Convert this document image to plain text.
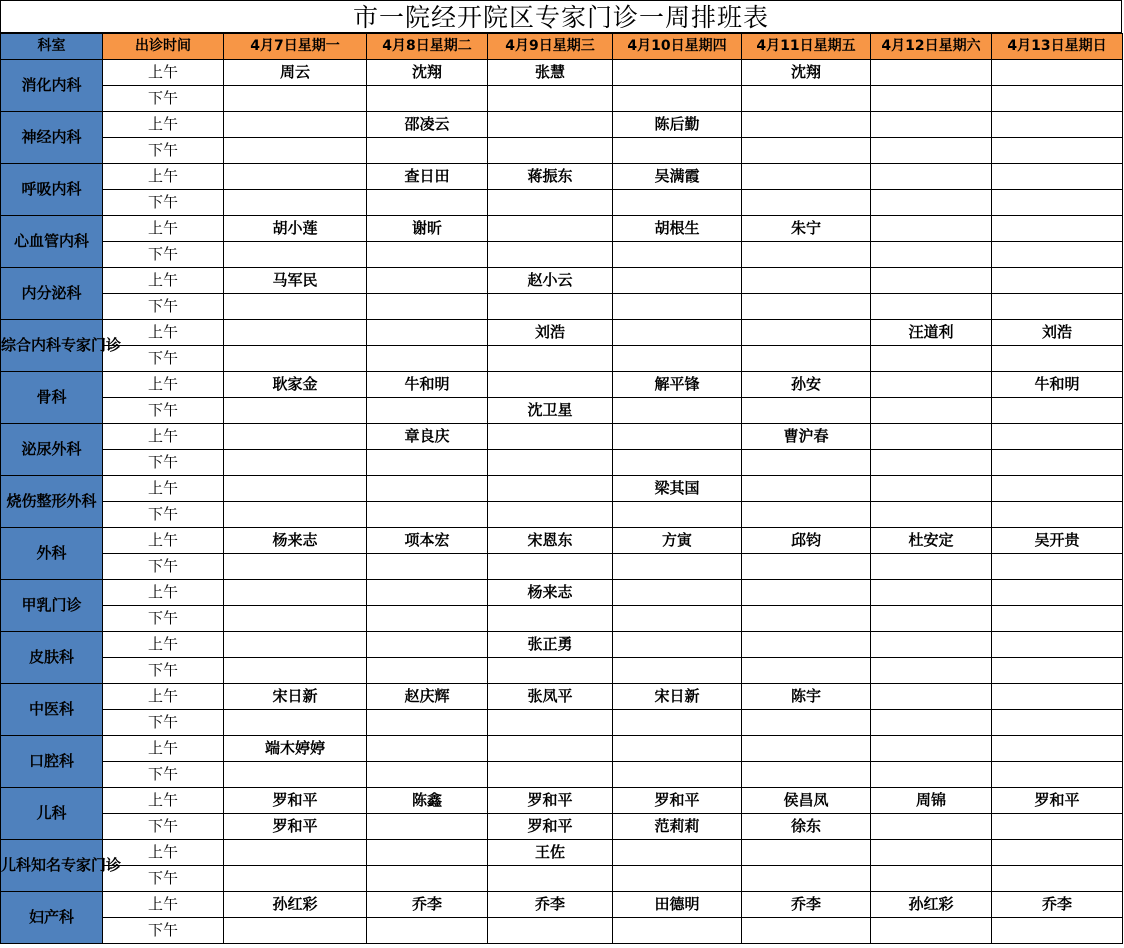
市一院经开院区专家门诊一周排班表
科室	出诊时间	4月7日星期一	4月8日星期二	4月9日星期三	4月10日星期四	4月11日星期五	4月12日星期六	4月13日星期日
消化内科	上午	周云	沈翔	张慧		沈翔		
	下午							
神经内科	上午		邵凌云		陈后勤			
	下午							
呼吸内科	上午		查日田	蒋振东	吴满霞			
	下午							
心血管内科	上午	胡小莲	谢昕		胡根生	朱宁		
	下午							
内分泌科	上午	马军民		赵小云				
	下午							
综合内科专家门诊	上午			刘浩			汪道利	刘浩
	下午							
骨科	上午	耿家金	牛和明		解平锋	孙安		牛和明
	下午			沈卫星				
泌尿外科	上午		章良庆			曹沪春		
	下午							
烧伤整形外科	上午				梁其国			
	下午							
外科	上午	杨来志	项本宏	宋恩东	方寅	邱钧	杜安定	吴开贵
	下午							
甲乳门诊	上午			杨来志				
	下午							
皮肤科	上午			张正勇				
	下午							
中医科	上午	宋日新	赵庆辉	张凤平	宋日新	陈宇		
	下午							
口腔科	上午	端木婷婷						
	下午							
儿科	上午	罗和平	陈鑫	罗和平	罗和平	侯昌凤	周锦	罗和平
	下午	罗和平		罗和平	范莉莉	徐东		
儿科知名专家门诊	上午			王佐				
	下午							
妇产科	上午	孙红彩	乔李	乔李	田德明	乔李	孙红彩	乔李
	下午							
